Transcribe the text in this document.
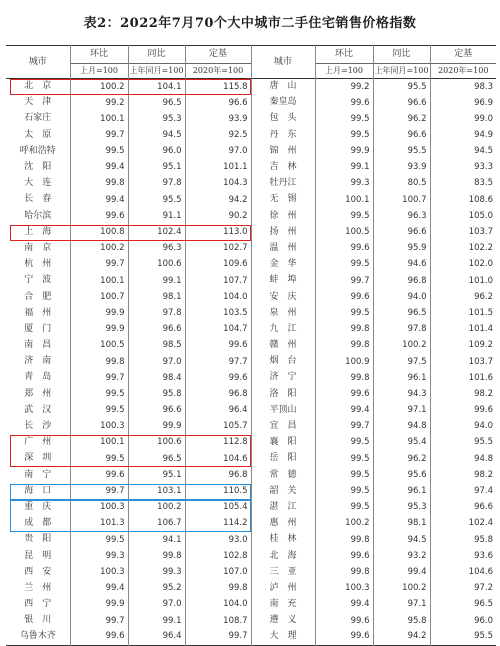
表2：2022年7月70个大中城市二手住宅销售价格指数
城市	环比	同比	定基	城市	环比	同比	定基
	上月=100	上年同月=100	2020年=100		上月=100	上年同月=100	2020年=100
北　京	100.2	104.1	115.8	唐　山	99.2	95.5	98.3
天　津	99.2	96.5	96.6	秦皇岛	99.6	96.6	96.9
石家庄	100.1	95.3	93.9	包　头	99.5	96.2	99.0
太　原	99.7	94.5	92.5	丹　东	99.5	96.6	94.9
呼和浩特	99.5	96.0	97.0	锦　州	99.9	95.5	94.5
沈　阳	99.4	95.1	101.1	吉　林	99.1	93.9	93.3
大　连	99.8	97.8	104.3	牡丹江	99.3	80.5	83.5
长　春	99.4	95.5	94.2	无　锡	100.1	100.7	108.6
哈尔滨	99.6	91.1	90.2	徐　州	99.5	96.3	105.0
上　海	100.8	102.4	113.0	扬　州	100.5	96.6	103.7
南　京	100.2	96.3	102.7	温　州	99.6	95.9	102.2
杭　州	99.7	100.6	109.6	金　华	99.5	94.6	102.0
宁　波	100.1	99.1	107.7	蚌　埠	99.7	96.8	101.0
合　肥	100.7	98.1	104.0	安　庆	99.6	94.0	96.2
福　州	99.9	97.8	103.5	泉　州	99.5	96.5	101.5
厦　门	99.9	96.6	104.7	九　江	99.8	97.8	101.4
南　昌	100.5	98.5	99.6	赣　州	99.8	100.2	109.2
济　南	99.8	97.0	97.7	烟　台	100.9	97.5	103.7
青　岛	99.7	98.4	99.6	济　宁	99.8	96.1	101.6
郑　州	99.5	95.8	96.8	洛　阳	99.6	94.3	98.2
武　汉	99.5	96.6	96.4	平顶山	99.4	97.1	99.6
长　沙	100.3	99.9	105.7	宜　昌	99.7	94.8	94.0
广　州	100.1	100.6	112.8	襄　阳	99.5	95.4	95.5
深　圳	99.5	96.5	104.6	岳　阳	99.5	96.2	94.8
南　宁	99.6	95.1	96.8	常　德	99.5	95.6	98.2
海　口	99.7	103.1	110.5	韶　关	99.5	96.1	97.4
重　庆	100.3	100.2	105.4	湛　江	99.5	95.3	96.6
成　都	101.3	106.7	114.2	惠　州	100.2	98.1	102.4
贵　阳	99.5	94.1	93.0	桂　林	99.8	94.5	95.8
昆　明	99.3	99.8	102.8	北　海	99.6	93.2	93.6
西　安	100.3	99.3	107.0	三　亚	99.8	99.4	104.6
兰　州	99.4	95.2	99.8	泸　州	100.3	100.2	97.2
西　宁	99.9	97.0	104.0	南　充	99.4	97.1	96.5
银　川	99.7	99.1	108.7	遵　义	99.6	95.8	96.0
乌鲁木齐	99.6	96.4	99.7	大　理	99.6	94.2	95.5
